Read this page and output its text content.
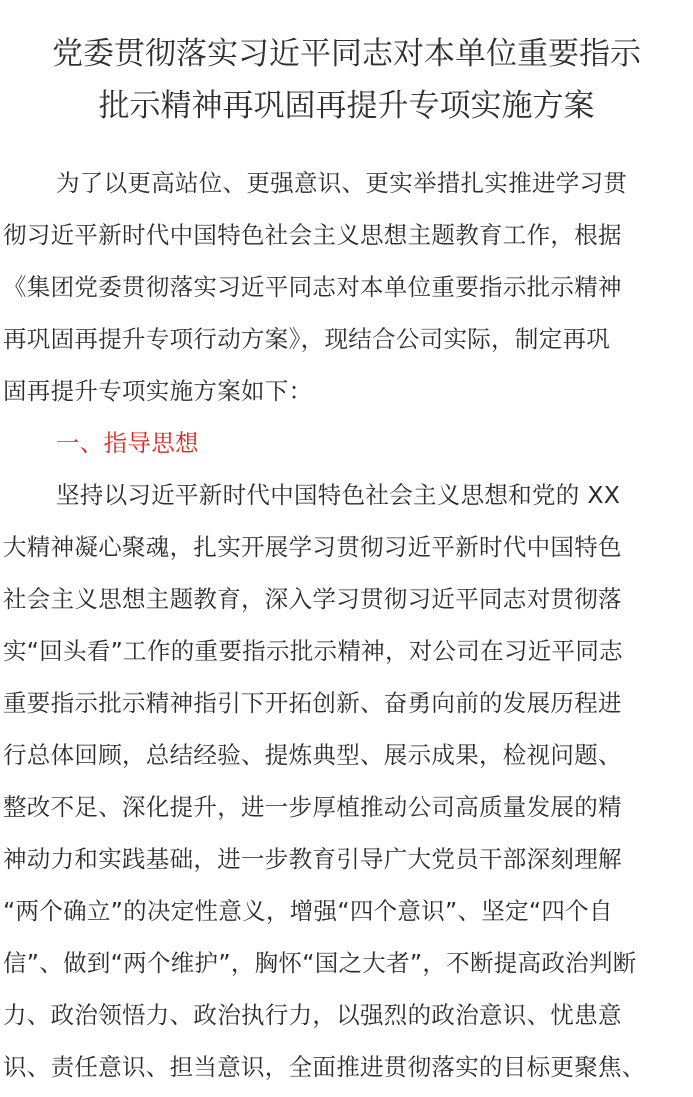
党委贯彻落实习近平同志对本单位重要指示
批示精神再巩固再提升专项实施方案
为了以更高站位、更强意识、更实举措扎实推进学习贯
彻习近平新时代中国特色社会主义思想主题教育工作，根据
《集团党委贯彻落实习近平同志对本单位重要指示批示精神
再巩固再提升专项行动方案》，现结合公司实际，制定再巩
固再提升专项实施方案如下：
一、指导思想
坚持以习近平新时代中国特色社会主义思想和党的 XX
大精神凝心聚魂，扎实开展学习贯彻习近平新时代中国特色
社会主义思想主题教育，深入学习贯彻习近平同志对贯彻落
实“回头看”工作的重要指示批示精神，对公司在习近平同志
重要指示批示精神指引下开拓创新、奋勇向前的发展历程进
行总体回顾，总结经验、提炼典型、展示成果，检视问题、
整改不足、深化提升，进一步厚植推动公司高质量发展的精
神动力和实践基础，进一步教育引导广大党员干部深刻理解
“两个确立”的决定性意义，增强“四个意识”、坚定“四个自
信”、做到“两个维护”，胸怀“国之大者”，不断提高政治判断
力、政治领悟力、政治执行力，以强烈的政治意识、忧患意
识、责任意识、担当意识，全面推进贯彻落实的目标更聚焦、
